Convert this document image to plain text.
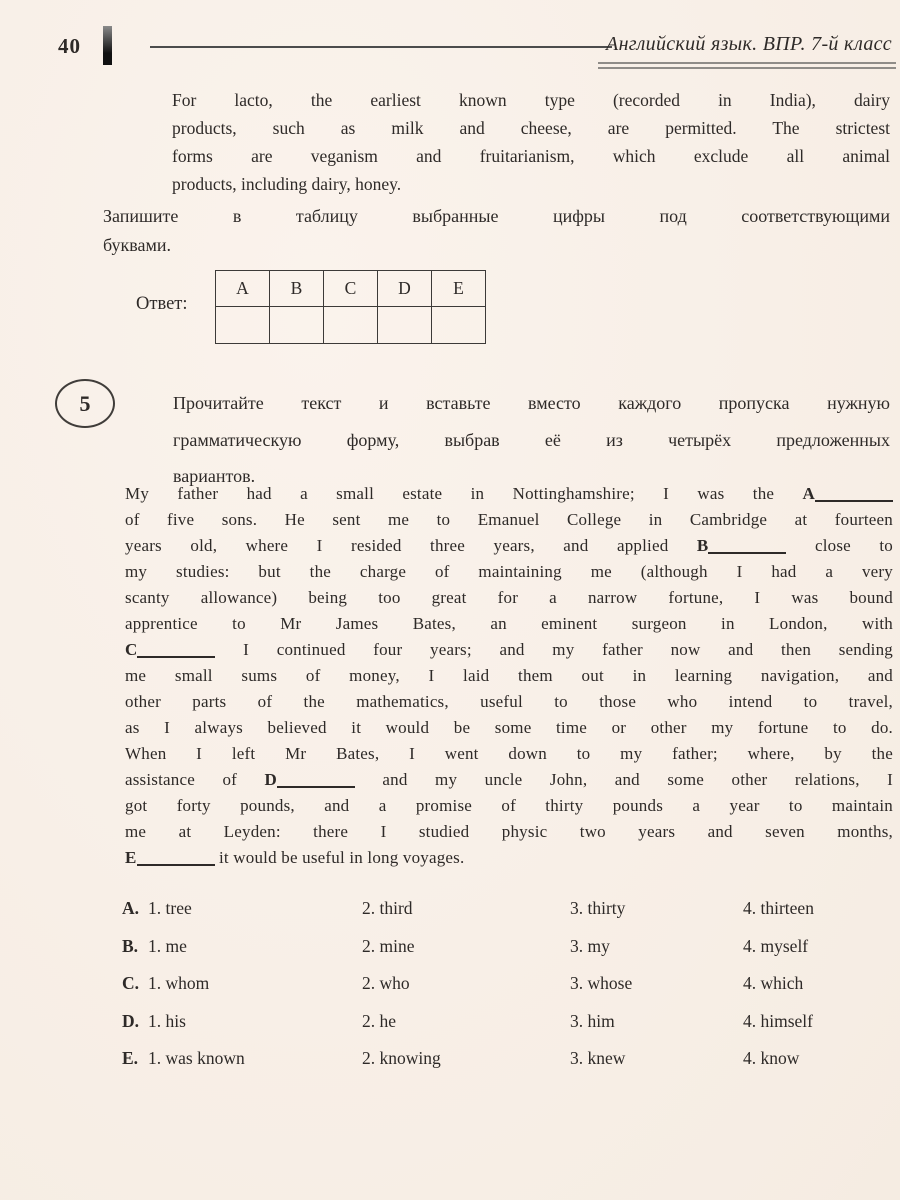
40	Английский язык. ВПР. 7-й класс
For lacto, the earliest known type (recorded in India), dairy
products, such as milk and cheese, are permitted. The strictest
forms are veganism and fruitarianism, which exclude all animal
products, including dairy, honey.
Запишите в таблицу выбранные цифры под соответствующими
буквами.
Ответ:
A	B	C	D	E

5	Прочитайте текст и вставьте вместо каждого пропуска нужную
грамматическую форму, выбрав её из четырёх предложенных
вариантов.
My father had a small estate in Nottinghamshire; I was the A
of five sons. He sent me to Emanuel College in Cambridge at fourteen
years old, where I resided three years, and applied B	close to
my studies: but the charge of maintaining me (although I had a very
scanty allowance) being too great for a narrow fortune, I was bound
apprentice to Mr James Bates, an eminent surgeon in London, with
C	I continued four years; and my father now and then sending
me small sums of money, I laid them out in learning navigation, and
other parts of the mathematics, useful to those who intend to travel,
as I always believed it would be some time or other my fortune to do.
When I left Mr Bates, I went down to my father; where, by the
assistance of D	and my uncle John, and some other relations, I
got forty pounds, and a promise of thirty pounds a year to maintain
me at Leyden: there I studied physic two years and seven months,
E	it would be useful in long voyages.
A. 1. tree	2. third	3. thirty	4. thirteen
B. 1. me	2. mine	3. my	4. myself
C. 1. whom	2. who	3. whose	4. which
D. 1. his	2. he	3. him	4. himself
E. 1. was known	2. knowing	3. knew	4. know
